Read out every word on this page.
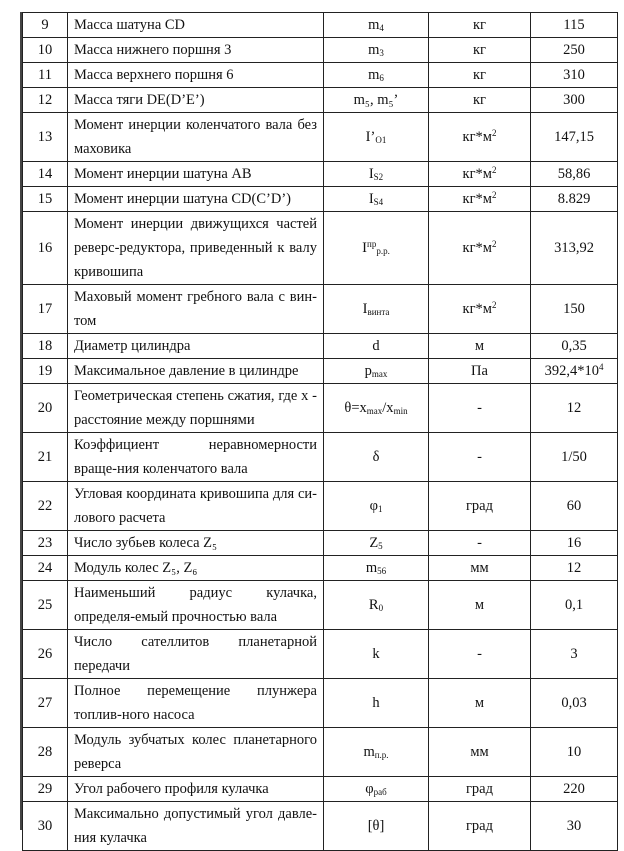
9	Масса шатуна CD	$m_4$	кг	115
10	Масса нижнего поршня 3	$m_3$	кг	250
11	Масса верхнего поршня 6	$m_6$	кг	310
12	Масса тяги DE(D’E’)	m₅, m₅’	кг	300
13	Момент инерции коленчатого вала без маховика	$I’_{O1}$	$кг*м^2$	147,15
14	Момент инерции шатуна AB	$I_{S2}$	$кг*м^2$	58,86
15	Момент инерции шатуна CD(C’D’)	$I_{S4}$	$кг*м^2$	8.829
16	Момент инерции движущихся частей реверс-редуктора, приведенный к валу кривошипа	$I^{пр}_{р.р.}$	$кг*м^2$	313,92
17	Маховый момент гребного вала с вин-том	$I_{винта}$	$кг*м^2$	150
18	Диаметр цилиндра	d	м	0,35
19	Максимальное давление в цилиндре	$p_{max}$	Па	$392,4*10^4$
20	Геометрическая степень сжатия, где х - расстояние между поршнями	$\theta=x_{max}/x_{min}$	-	12
21	Коэффициент неравномерности враще-ния коленчатого вала	δ	-	1/50
22	Угловая координата кривошипа для си-лового расчета	$\varphi_1$	град	60
23	Число зубьев колеса Z₅	$Z_5$	-	16
24	Модуль колес Z₅, Z₆	$m_{56}$	мм	12
25	Наименьший радиус кулачка, определя-емый прочностью вала	$R_0$	м	0,1
26	Число сателлитов планетарной передачи	k	-	3
27	Полное перемещение плунжера топлив-ного насоса	h	м	0,03
28	Модуль зубчатых колес планетарного реверса	$m_{п.р.}$	мм	10
29	Угол рабочего профиля кулачка	$\varphi_{раб}$	град	220
30	Максимально допустимый угол давле-ния кулачка	[θ]	град	30
